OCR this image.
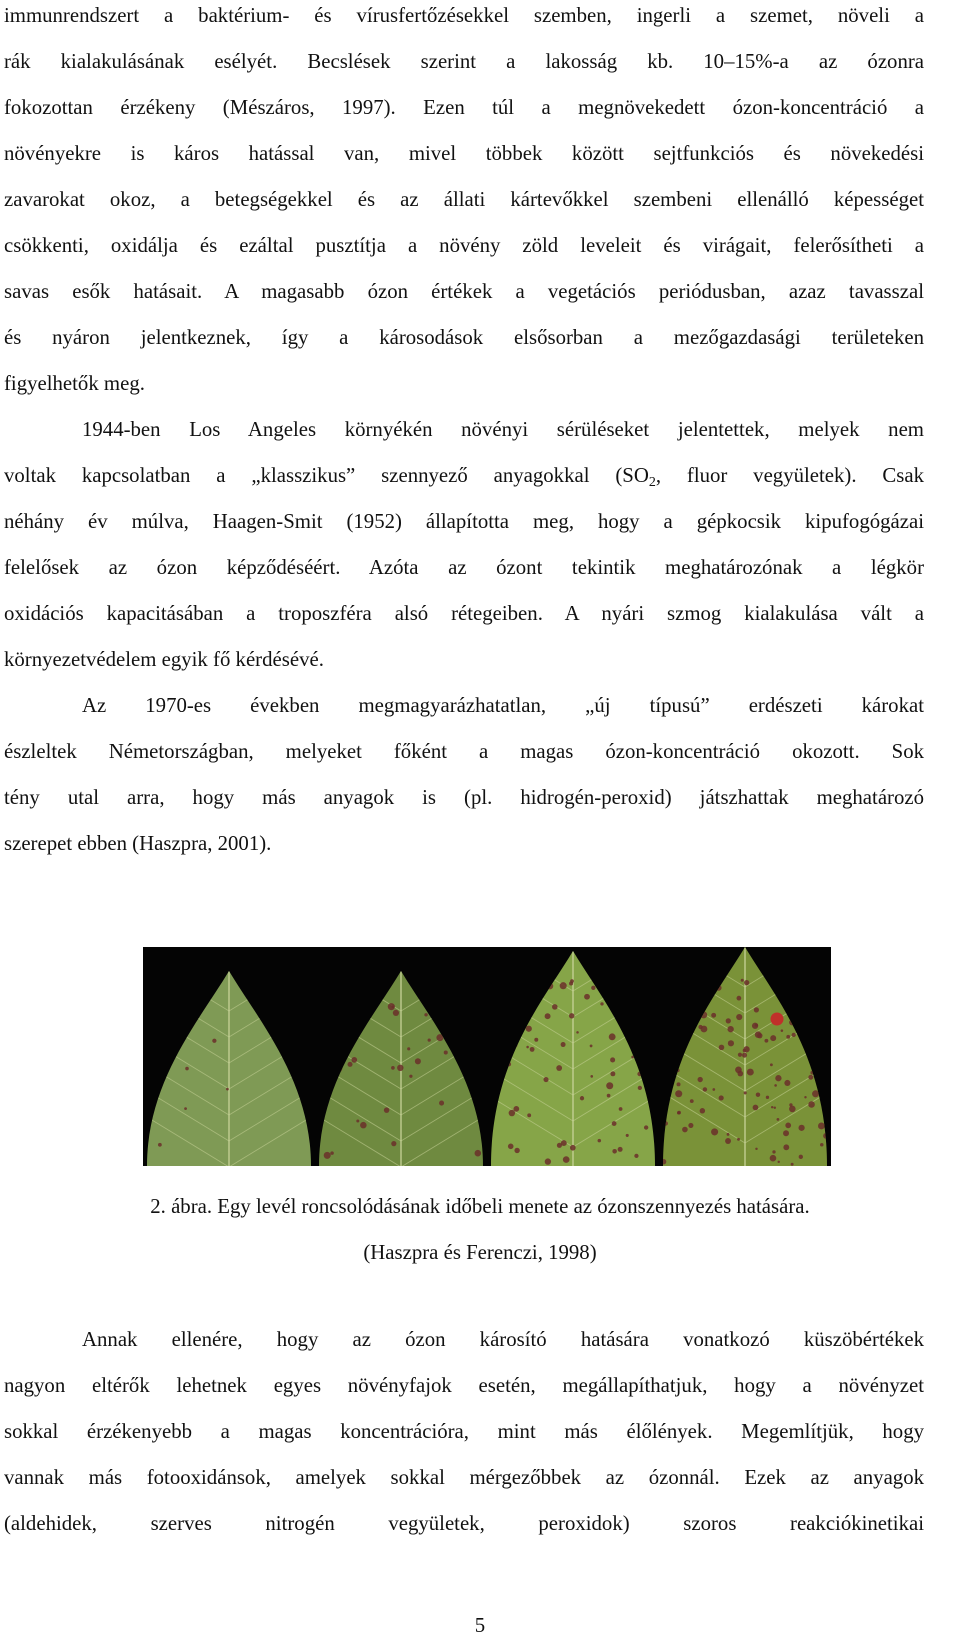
immunrendszert a baktérium- és vírusfertőzésekkel szemben, ingerli a szemet, növeli a
rák kialakulásának esélyét. Becslések szerint a lakosság kb. 10–15%-a az ózonra
fokozottan érzékeny (Mészáros, 1997). Ezen túl a megnövekedett ózon-koncentráció a
növényekre is káros hatással van, mivel többek között sejtfunkciós és növekedési
zavarokat okoz, a betegségekkel és az állati kártevőkkel szembeni ellenálló képességet
csökkenti, oxidálja és ezáltal pusztítja a növény zöld leveleit és virágait, felerősítheti a
savas esők hatásait. A magasabb ózon értékek a vegetációs periódusban, azaz tavasszal
és nyáron jelentkeznek, így a károsodások elsősorban a mezőgazdasági területeken
figyelhetők meg.
1944-ben Los Angeles környékén növényi sérüléseket jelentettek, melyek nem
voltak kapcsolatban a „klasszikus” szennyező anyagokkal ($SO_2$, fluor vegyületek). Csak
néhány év múlva, Haagen-Smit (1952) állapította meg, hogy a gépkocsik kipufogógázai
felelősek az ózon képződéséért. Azóta az ózont tekintik meghatározónak a légkör
oxidációs kapacitásában a troposzféra alsó rétegeiben. A nyári szmog kialakulása vált a
környezetvédelem egyik fő kérdésévé.
Az 1970-es években megmagyarázhatatlan, „új típusú” erdészeti károkat
észleltek Németországban, melyeket főként a magas ózon-koncentráció okozott. Sok
tény utal arra, hogy más anyagok is (pl. hidrogén-peroxid) játszhattak meghatározó
szerepet ebben (Haszpra, 2001).
2. ábra. Egy levél roncsolódásának időbeli menete az ózonszennyezés hatására.
(Haszpra és Ferenczi, 1998)
Annak ellenére, hogy az ózon károsító hatására vonatkozó küszöbértékek
nagyon eltérők lehetnek egyes növényfajok esetén, megállapíthatjuk, hogy a növényzet
sokkal érzékenyebb a magas koncentrációra, mint más élőlények. Megemlítjük, hogy
vannak más fotooxidánsok, amelyek sokkal mérgezőbbek az ózonnál. Ezek az anyagok
(aldehidek, szerves nitrogén vegyületek, peroxidok) szoros reakciókinetikai
5
